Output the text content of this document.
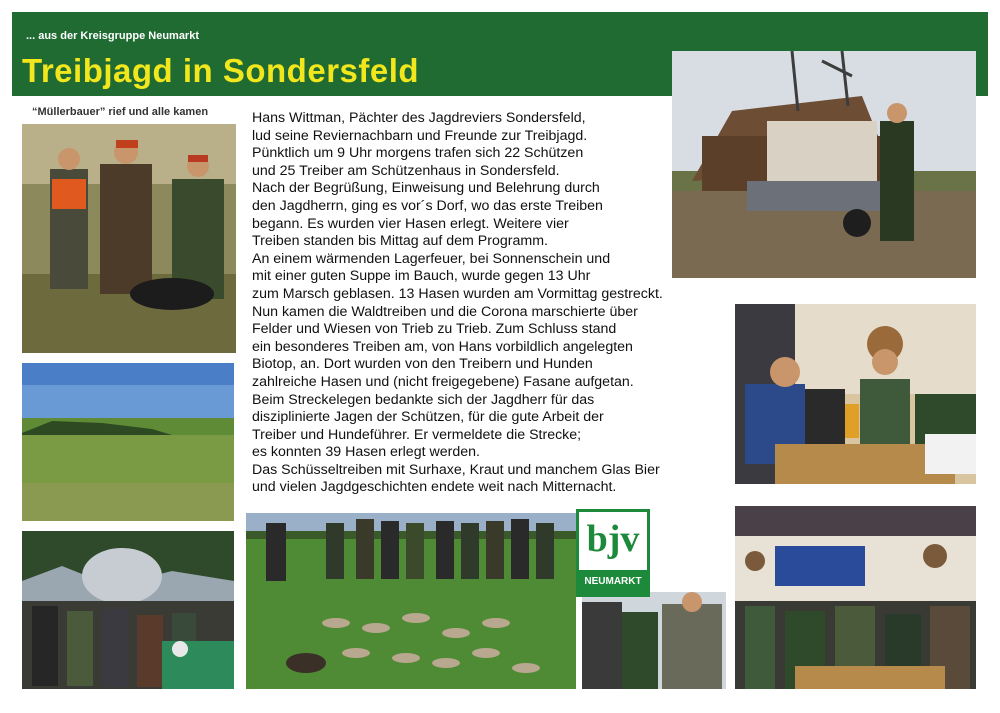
... aus der Kreisgruppe Neumarkt
Treibjagd in Sondersfeld
“Müllerbauer” rief und alle kamen	Hans Wittman, Pächter des Jagdreviers Sondersfeld,
lud seine Reviernachbarn und Freunde zur Treibjagd.
Pünktlich um 9 Uhr morgens trafen sich 22 Schützen
und 25 Treiber am Schützenhaus in Sondersfeld.
Nach der Begrüßung, Einweisung und Belehrung durch
den Jagdherrn, ging es vor´s Dorf, wo das erste Treiben
begann. Es wurden vier Hasen erlegt. Weitere vier
Treiben standen bis Mittag auf dem Programm.
An einem wärmenden Lagerfeuer, bei Sonnenschein und
mit einer guten Suppe im Bauch, wurde gegen 13 Uhr
zum Marsch geblasen. 13 Hasen wurden am Vormittag gestreckt.
Nun kamen die Waldtreiben und die Corona marschierte über
Felder und Wiesen von Trieb zu Trieb. Zum Schluss stand
ein besonderes Treiben am, von Hans vorbildlich angelegten
Biotop, an. Dort wurden von den Treibern und Hunden
zahlreiche Hasen und (nicht freigegebene) Fasane aufgetan.
Beim Streckelegen bedankte sich der Jagdherr für das
disziplinierte Jagen der Schützen, für die gute Arbeit der
Treiber und Hundeführer. Er vermeldete die Strecke;
es konnten 39 Hasen erlegt werden.
Das Schüsseltreiben mit Surhaxe, Kraut und manchem Glas Bier
und vielen Jagdgeschichten endete weit nach Mitternacht.
bjv
NEUMARKT
